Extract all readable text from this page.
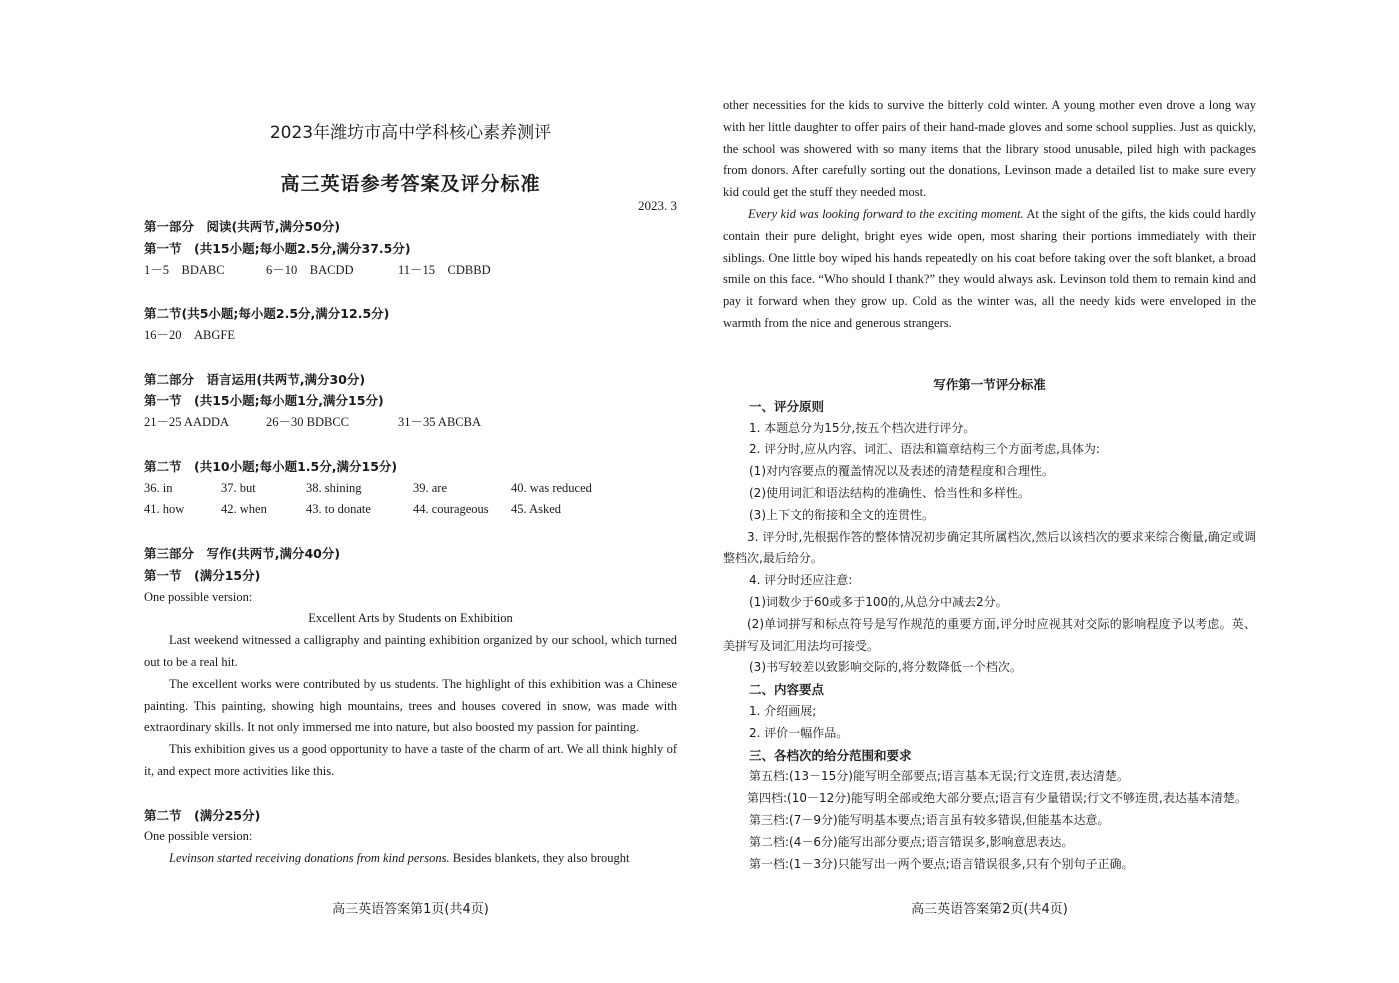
2023年潍坊市高中学科核心素养测评
高三英语参考答案及评分标准
2023. 3
第一部分　阅读(共两节,满分50分)
第一节　(共15小题;每小题2.5分,满分37.5分)
1－5　BDABC	6－10　BACDD	11－15　CDBBD
第二节(共5小题;每小题2.5分,满分12.5分)
16－20　ABGFE
第二部分　语言运用(共两节,满分30分)
第一节　(共15小题;每小题1分,满分15分)
21－25 AADDA	26－30 BDBCC	31－35 ABCBA
第二节　(共10小题;每小题1.5分,满分15分)
36. in	37. but	38. shining	39. are	40. was reduced
41. how	42. when	43. to donate	44. courageous 45. Asked
第三部分　写作(共两节,满分40分)
第一节　(满分15分)
One possible version:
Excellent Arts by Students on Exhibition
Last weekend witnessed a calligraphy and painting exhibition organized by our school, which turned out to be a real hit.
The excellent works were contributed by us students. The highlight of this exhibition was a Chinese painting. This painting, showing high mountains, trees and houses covered in snow, was made with extraordinary skills. It not only immersed me into nature, but also boosted my passion for painting.
This exhibition gives us a good opportunity to have a taste of the charm of art. We all think highly of it, and expect more activities like this.
第二节　(满分25分)
One possible version:
Levinson started receiving donations from kind persons. Besides blankets, they also brought
高三英语答案第1页(共4页)
other necessities for the kids to survive the bitterly cold winter. A young mother even drove a long way with her little daughter to offer pairs of their hand-made gloves and some school supplies. Just as quickly, the school was showered with so many items that the library stood unusable, piled high with packages from donors. After carefully sorting out the donations, Levinson made a detailed list to make sure every kid could get the stuff they needed most.
Every kid was looking forward to the exciting moment. At the sight of the gifts, the kids could hardly contain their pure delight, bright eyes wide open, most sharing their portions immediately with their siblings. One little boy wiped his hands repeatedly on his coat before taking over the soft blanket, a broad smile on this face. “Who should I thank?” they would always ask. Levinson told them to remain kind and pay it forward when they grow up. Cold as the winter was, all the needy kids were enveloped in the warmth from the nice and generous strangers.
写作第一节评分标准
一、评分原则
1. 本题总分为15分,按五个档次进行评分。
2. 评分时,应从内容、词汇、语法和篇章结构三个方面考虑,具体为:
(1)对内容要点的覆盖情况以及表述的清楚程度和合理性。
(2)使用词汇和语法结构的准确性、恰当性和多样性。
(3)上下文的衔接和全文的连贯性。
3. 评分时,先根据作答的整体情况初步确定其所属档次,然后以该档次的要求来综合衡量,确定或调整档次,最后给分。
4. 评分时还应注意:
(1)词数少于60或多于100的,从总分中减去2分。
(2)单词拼写和标点符号是写作规范的重要方面,评分时应视其对交际的影响程度予以考虑。英、美拼写及词汇用法均可接受。
(3)书写较差以致影响交际的,将分数降低一个档次。
二、内容要点
1. 介绍画展;
2. 评价一幅作品。
三、各档次的给分范围和要求
第五档:(13－15分)能写明全部要点;语言基本无误;行文连贯,表达清楚。
第四档:(10－12分)能写明全部或绝大部分要点;语言有少量错误;行文不够连贯,表达基本清楚。
第三档:(7－9分)能写明基本要点;语言虽有较多错误,但能基本达意。
第二档:(4－6分)能写出部分要点;语言错误多,影响意思表达。
第一档:(1－3分)只能写出一两个要点;语言错误很多,只有个别句子正确。
高三英语答案第2页(共4页)
